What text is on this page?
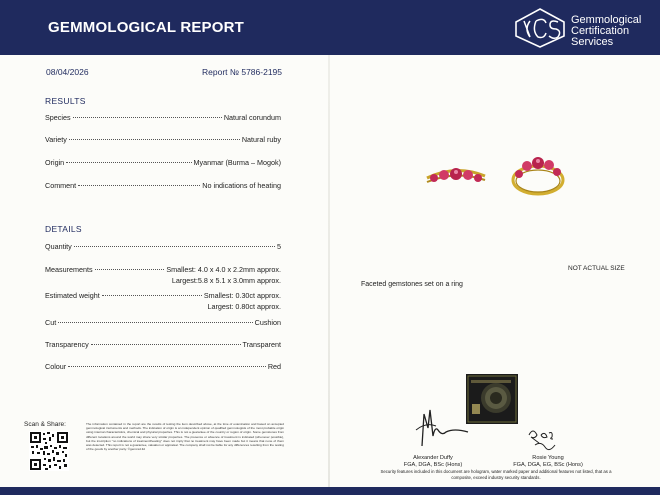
GEMMOLOGICAL REPORT	Gemmological
Certification
Services
08/04/2026	Report № 5786-2195
RESULTS
Species	Natural corundum
Variety	Natural ruby
Origin	Myanmar (Burma – Mogok)
Comment	No indications of heating
DETAILS
Quantity	5
Measurements	Smallest: 4.0 x 4.0 x 2.2mm approx.
Largest:5.8 x 5.1 x 3.0mm approx.
Estimated weight	Smallest: 0.30ct approx.
Largest: 0.80ct approx.
Cut	Cushion
Transparency	Transparent
Colour	Red
Scan & Share:	The information contained in the report are the results of testing the item described above, at the time of examination and based on accepted gemmological instruments and methods. The indication of origin is an independent opinion of qualified gemmologists of the most probable origin using internal characteristics, chemical and physical properties. This is not a guarantee of the country or region of origin. Some gemstones from different locations around the world may share very similar properties. The presence or absence of treatment is indicated (whenever possible), but the inscription "no indications of treatment/heating" does not imply that no treatment may have been made but it means that none of them was detected. This report is not a guarantee, valuation or appraisal. The company shall not be liable for any differences resulting from the testing of the goods by another party. ©gemcsd.ltd
NOT ACTUAL SIZE
Faceted gemstones set on a ring
Alexander Duffy
FGA, DGA, BSc (Hons)
Rosie Young
FGA, DGA, EG, BSc (Hons)
Security features included in this document are hologram, water marked paper and additional features not listed, that as a composite, exceed industry security standards.
